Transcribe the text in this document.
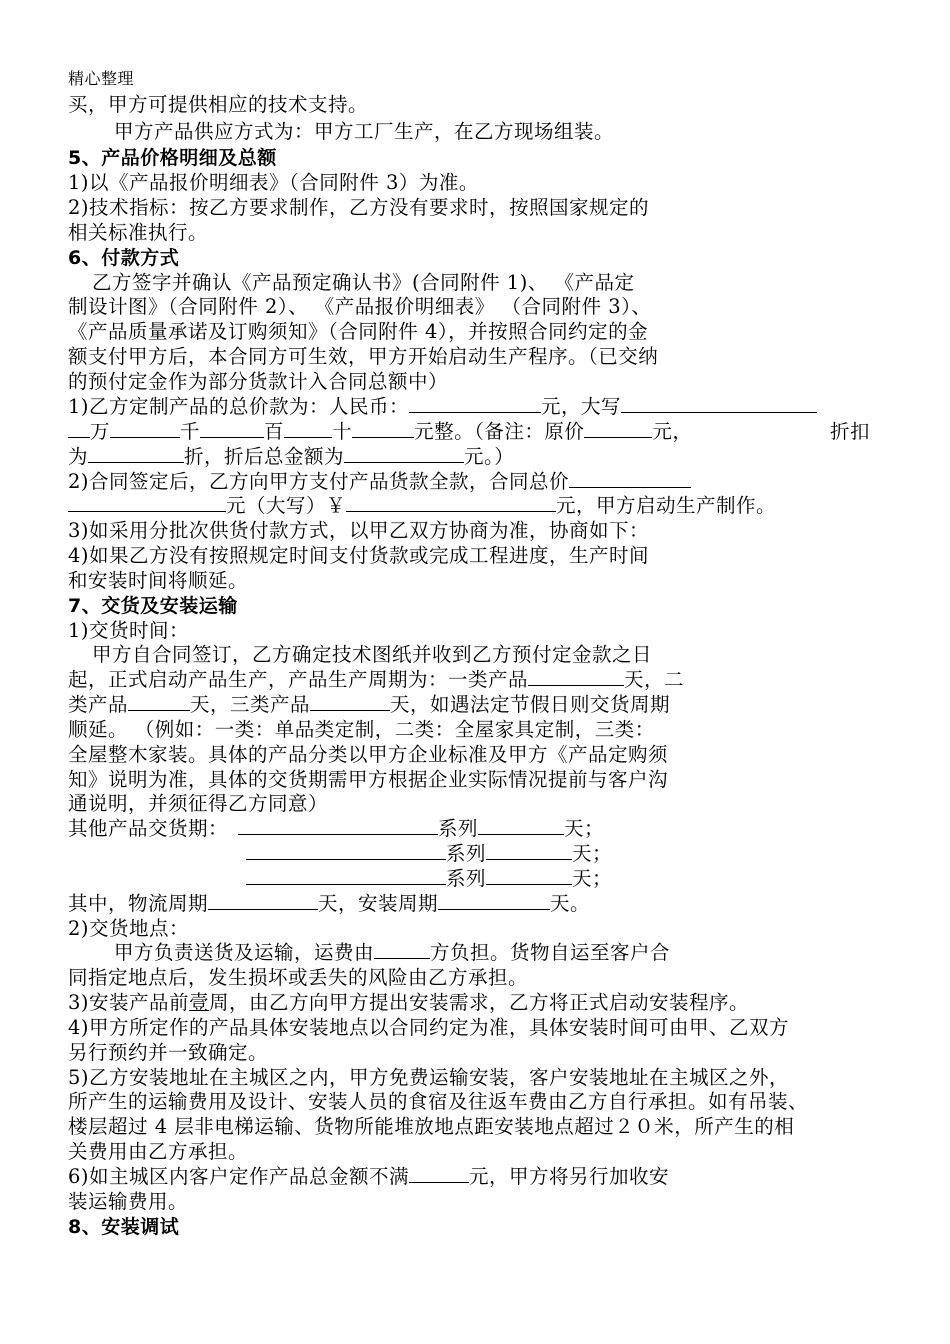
精心整理
买，甲方可提供相应的技术支持。
甲方产品供应方式为：甲方工厂生产，在乙方现场组装。
5、产品价格明细及总额
1)以《产品报价明细表》（合同附件 3）为准。
2)技术指标：按乙方要求制作，乙方没有要求时，按照国家规定的
相关标准执行。
6、付款方式
乙方签字并确认《产品预定确认书》(合同附件 1)、 《产品定
制设计图》（合同附件 2）、 《产品报价明细表》 （合同附件 3）、
《产品质量承诺及订购须知》（合同附件 4），并按照合同约定的金
额支付甲方后，本合同方可生效，甲方开始启动生产程序。（已交纳
的预付定金作为部分货款计入合同总额中）
1)乙方定制产品的总价款为：人民币：	元，大写
万	千	百 十	元整。（备注：原价	元，	折扣
为	折，折后总金额为	元。）
2)合同签定后，乙方向甲方支付产品货款全款，合同总价
元（大写）￥	元，甲方启动生产制作。
3)如采用分批次供货付款方式，以甲乙双方协商为准，协商如下：
4)如果乙方没有按照规定时间支付货款或完成工程进度，生产时间
和安装时间将顺延。
7、交货及安装运输
1)交货时间：
甲方自合同签订，乙方确定技术图纸并收到乙方预付定金款之日
起，正式启动产品生产，产品生产周期为：一类产品	天，二
类产品	天，三类产品	天，如遇法定节假日则交货周期
顺延。 （例如：一类：单品类定制，二类：全屋家具定制，三类：
全屋整木家装。具体的产品分类以甲方企业标准及甲方《产品定购须
知》说明为准，具体的交货期需甲方根据企业实际情况提前与客户沟
通说明，并须征得乙方同意）
其他产品交货期：	系列	天；
系列	天；
系列	天；
其中，物流周期	天，安装周期	天。
2)交货地点：
甲方负责送货及运输，运费由	方负担。货物自运至客户合
同指定地点后，发生损坏或丢失的风险由乙方承担。
3)安装产品前壹周，由乙方向甲方提出安装需求，乙方将正式启动安装程序。
4)甲方所定作的产品具体安装地点以合同约定为准，具体安装时间可由甲、乙双方
另行预约并一致确定。
5)乙方安装地址在主城区之内，甲方免费运输安装，客户安装地址在主城区之外，
所产生的运输费用及设计、安装人员的食宿及往返车费由乙方自行承担。如有吊装、
楼层超过 4 层非电梯运输、货物所能堆放地点距安装地点超过２０米，所产生的相
关费用由乙方承担。
6)如主城区内客户定作产品总金额不满	元，甲方将另行加收安
装运输费用。
8、安装调试
